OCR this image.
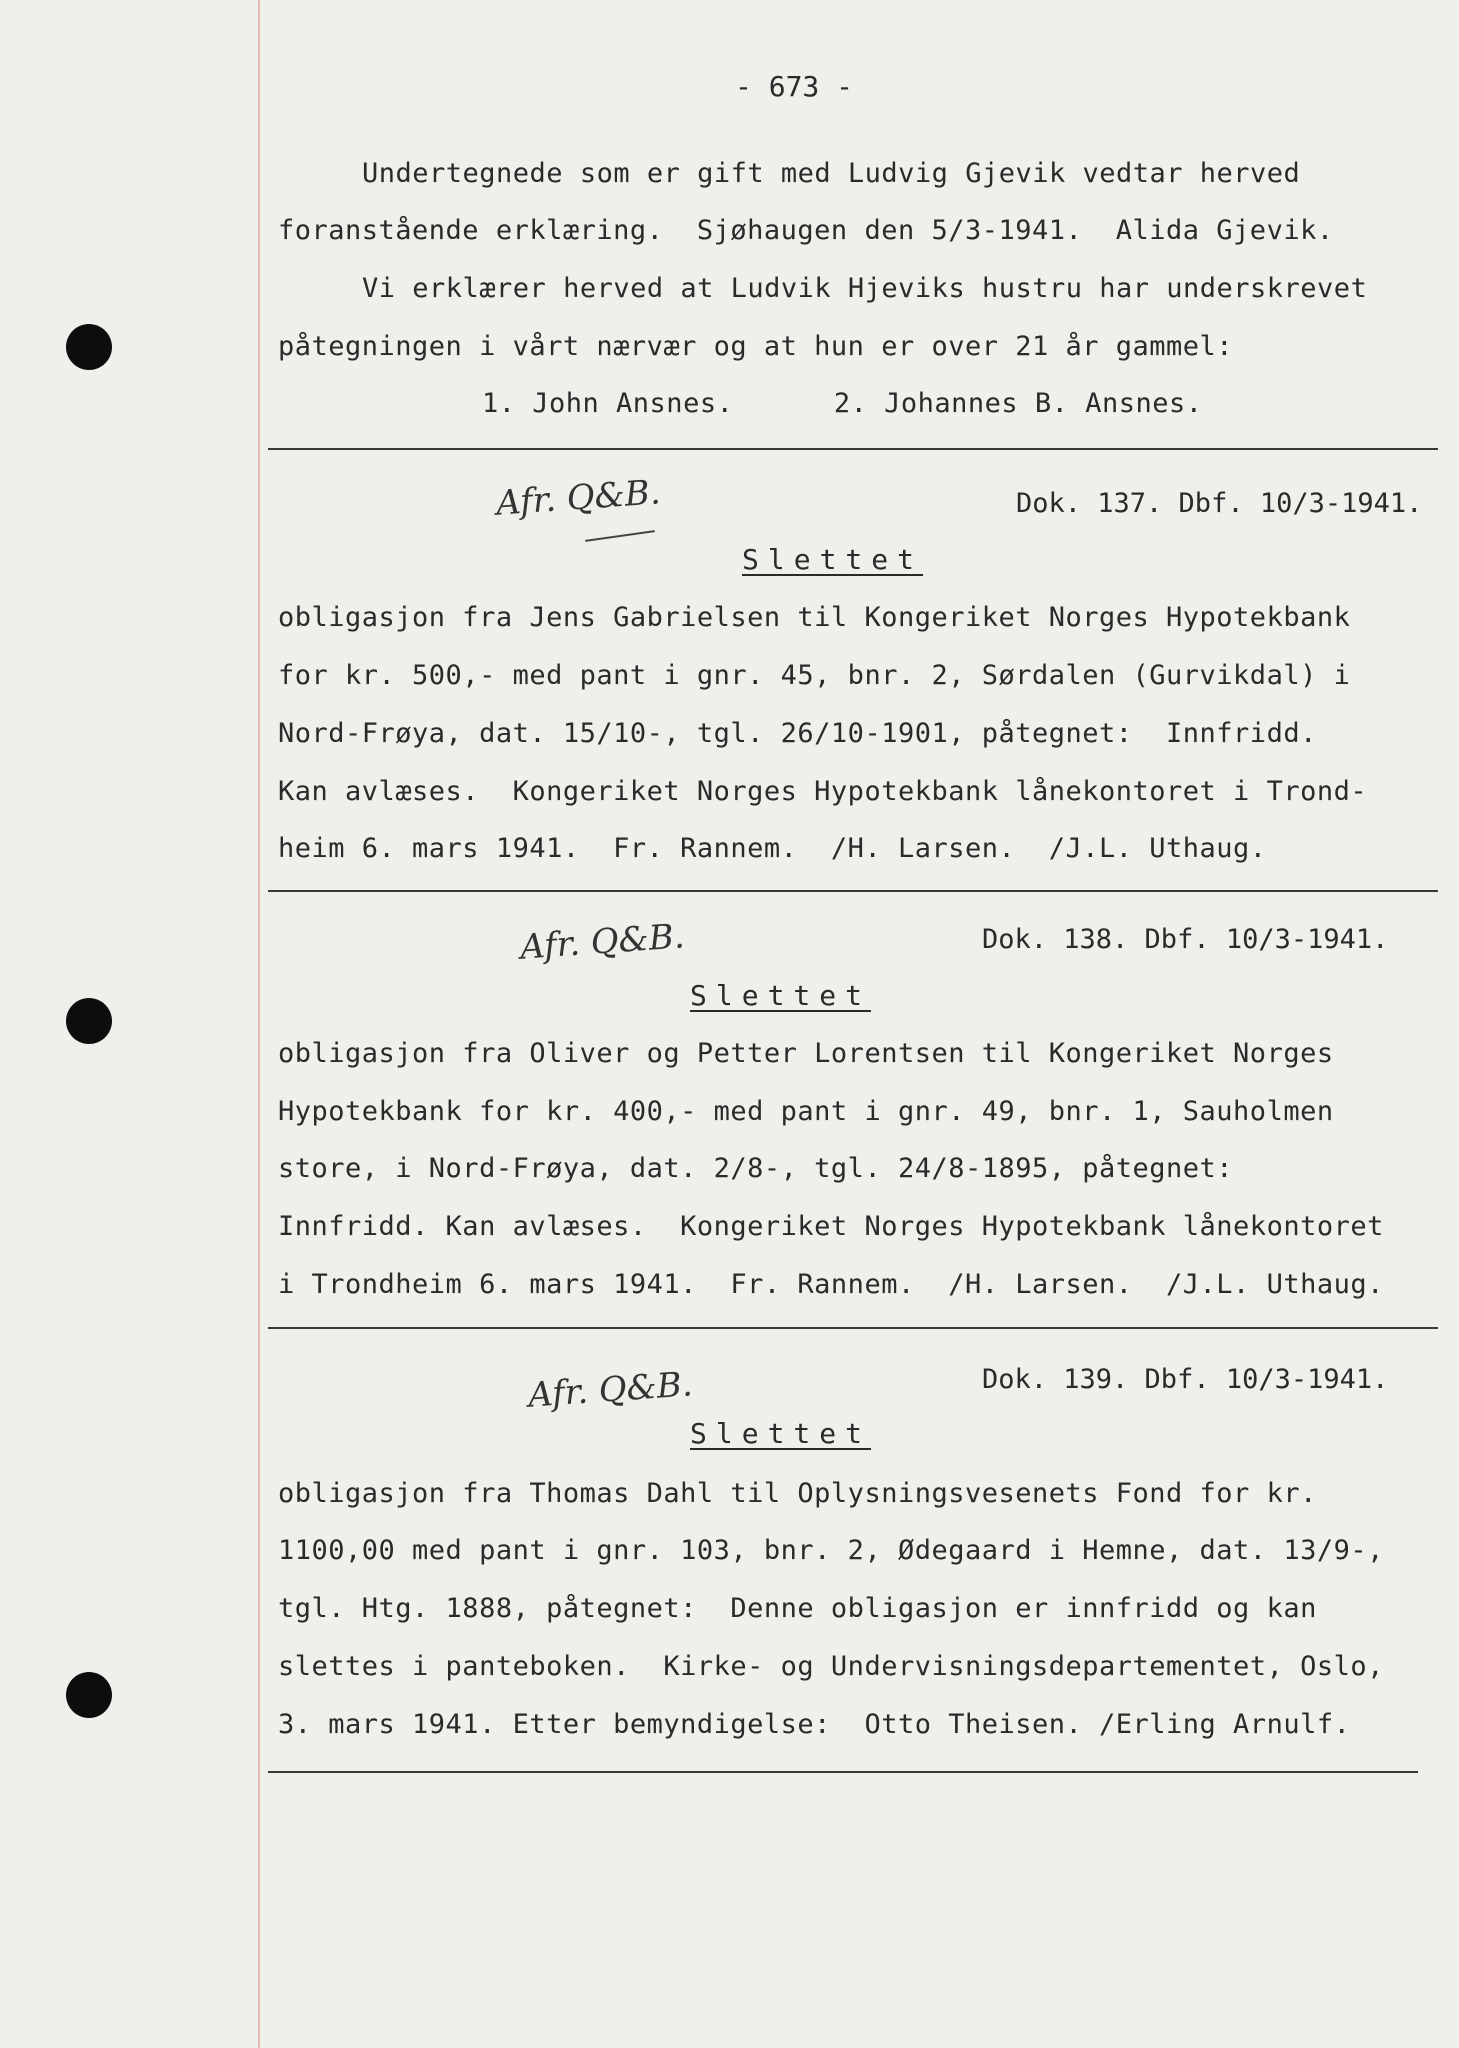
- 673 -
Undertegnede som er gift med Ludvig Gjevik vedtar herved
foranstående erklæring.  Sjøhaugen den 5/3-1941.  Alida Gjevik.
Vi erklærer herved at Ludvik Hjeviks hustru har underskrevet
påtegningen i vårt nærvær og at hun er over 21 år gammel:
1. John Ansnes.      2. Johannes B. Ansnes.
Afr. Q&B.	Dok. 137. Dbf. 10/3-1941.
Slettet
obligasjon fra Jens Gabrielsen til Kongeriket Norges Hypotekbank
for kr. 500,- med pant i gnr. 45, bnr. 2, Sørdalen (Gurvikdal) i
Nord-Frøya, dat. 15/10-, tgl. 26/10-1901, påtegnet:  Innfridd.
Kan avlæses.  Kongeriket Norges Hypotekbank lånekontoret i Trond-
heim 6. mars 1941.  Fr. Rannem.  /H. Larsen.  /J.L. Uthaug.
Afr. Q&B.	Dok. 138. Dbf. 10/3-1941.
Slettet
obligasjon fra Oliver og Petter Lorentsen til Kongeriket Norges
Hypotekbank for kr. 400,- med pant i gnr. 49, bnr. 1, Sauholmen
store, i Nord-Frøya, dat. 2/8-, tgl. 24/8-1895, påtegnet:
Innfridd. Kan avlæses.  Kongeriket Norges Hypotekbank lånekontoret
i Trondheim 6. mars 1941.  Fr. Rannem.  /H. Larsen.  /J.L. Uthaug.
Afr. Q&B.	Dok. 139. Dbf. 10/3-1941.
Slettet
obligasjon fra Thomas Dahl til Oplysningsvesenets Fond for kr.
1100,00 med pant i gnr. 103, bnr. 2, Ødegaard i Hemne, dat. 13/9-,
tgl. Htg. 1888, påtegnet:  Denne obligasjon er innfridd og kan
slettes i panteboken.  Kirke- og Undervisningsdepartementet, Oslo,
3. mars 1941. Etter bemyndigelse:  Otto Theisen. /Erling Arnulf.
